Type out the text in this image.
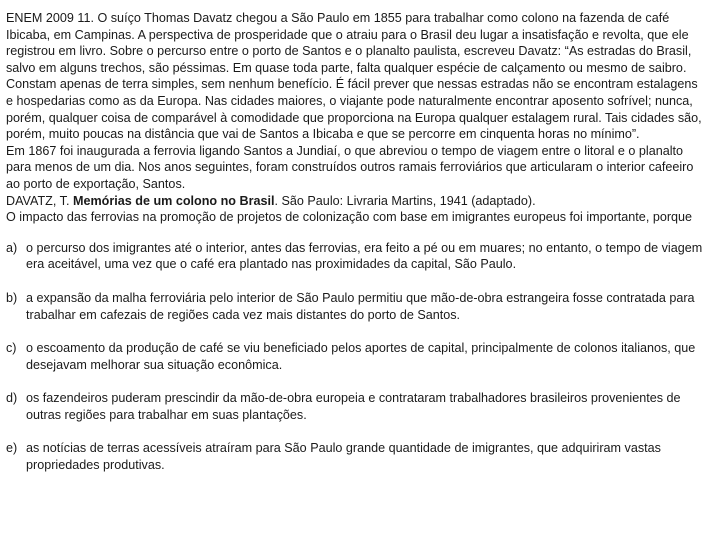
ENEM 2009 11. O suíço Thomas Davatz chegou a São Paulo em 1855 para trabalhar como colono na fazenda de café Ibicaba, em Campinas. A perspectiva de prosperidade que o atraiu para o Brasil deu lugar a insatisfação e revolta, que ele registrou em livro. Sobre o percurso entre o porto de Santos e o planalto paulista, escreveu Davatz: “As estradas do Brasil, salvo em alguns trechos, são péssimas. Em quase toda parte, falta qualquer espécie de calçamento ou mesmo de saibro. Constam apenas de terra simples, sem nenhum benefício. É fácil prever que nessas estradas não se encontram estalagens e hospedarias como as da Europa. Nas cidades maiores, o viajante pode naturalmente encontrar aposento sofrível; nunca, porém, qualquer coisa de comparável à comodidade que proporciona na Europa qualquer estalagem rural. Tais cidades são, porém, muito poucas na distância que vai de Santos a Ibicaba e que se percorre em cinquenta horas no mínimo”.

Em 1867 foi inaugurada a ferrovia ligando Santos a Jundiaí, o que abreviou o tempo de viagem entre o litoral e o planalto para menos de um dia. Nos anos seguintes, foram construídos outros ramais ferroviários que articularam o interior cafeeiro ao porto de exportação, Santos.

DAVATZ, T. Memórias de um colono no Brasil. São Paulo: Livraria Martins, 1941 (adaptado).

O impacto das ferrovias na promoção de projetos de colonização com base em imigrantes europeus foi importante, porque

a) o percurso dos imigrantes até o interior, antes das ferrovias, era feito a pé ou em muares; no entanto, o tempo de viagem era aceitável, uma vez que o café era plantado nas proximidades da capital, São Paulo.
b) a expansão da malha ferroviária pelo interior de São Paulo permitiu que mão-de-obra estrangeira fosse contratada para trabalhar em cafezais de regiões cada vez mais distantes do porto de Santos.
c) o escoamento da produção de café se viu beneficiado pelos aportes de capital, principalmente de colonos italianos, que desejavam melhorar sua situação econômica.
d) os fazendeiros puderam prescindir da mão-de-obra europeia e contrataram trabalhadores brasileiros provenientes de outras regiões para trabalhar em suas plantações.
e) as notícias de terras acessíveis atraíram para São Paulo grande quantidade de imigrantes, que adquiriram vastas propriedades produtivas.
